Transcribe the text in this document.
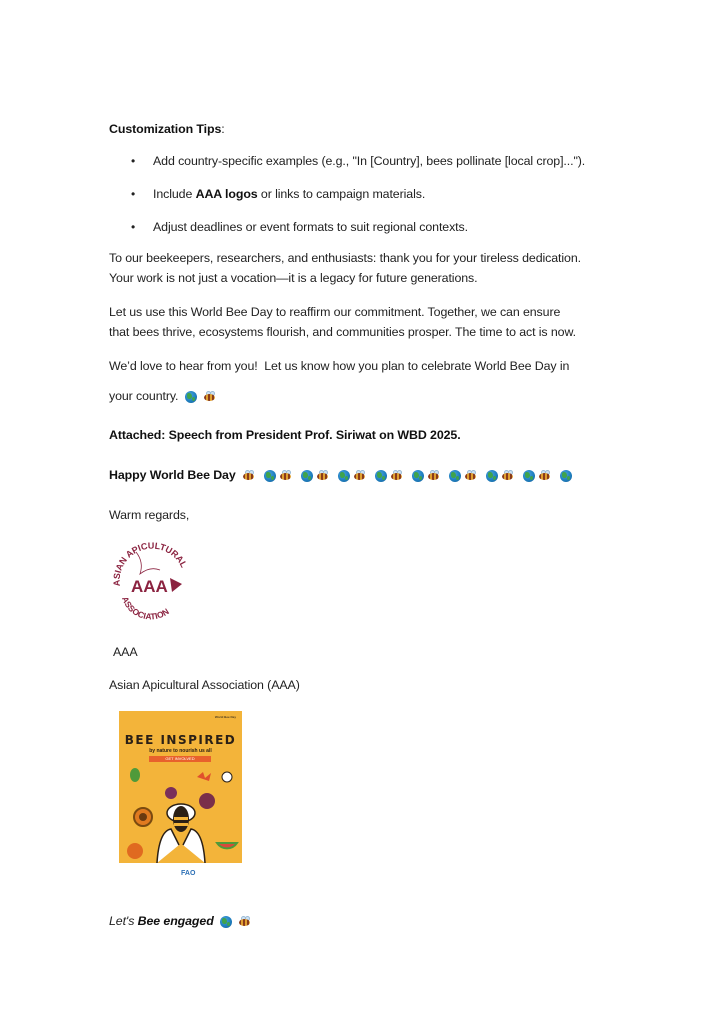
Customization Tips:
• Add country-specific examples (e.g., "In [Country], bees pollinate [local crop]...").
• Include AAA logos or links to campaign materials.
• Adjust deadlines or event formats to suit regional contexts.
To our beekeepers, researchers, and enthusiasts: thank you for your tireless dedication.
Your work is not just a vocation—it is a legacy for future generations.
Let us use this World Bee Day to reaffirm our commitment. Together, we can ensure
that bees thrive, ecosystems flourish, and communities prosper. The time to act is now.
We’d love to hear from you!  Let us know how you plan to celebrate World Bee Day in
your country.
Attached: Speech from President Prof. Siriwat on WBD 2025.
Happy World Bee Day
Warm regards,
ASIAN APICULTURAL
ASSOCIATION
AAA
AAA
Asian Apicultural Association (AAA)
World Bee Day
BEE INSPIRED
by nature to nourish us all
GET INVOLVED
FAO
Let's Bee engaged
